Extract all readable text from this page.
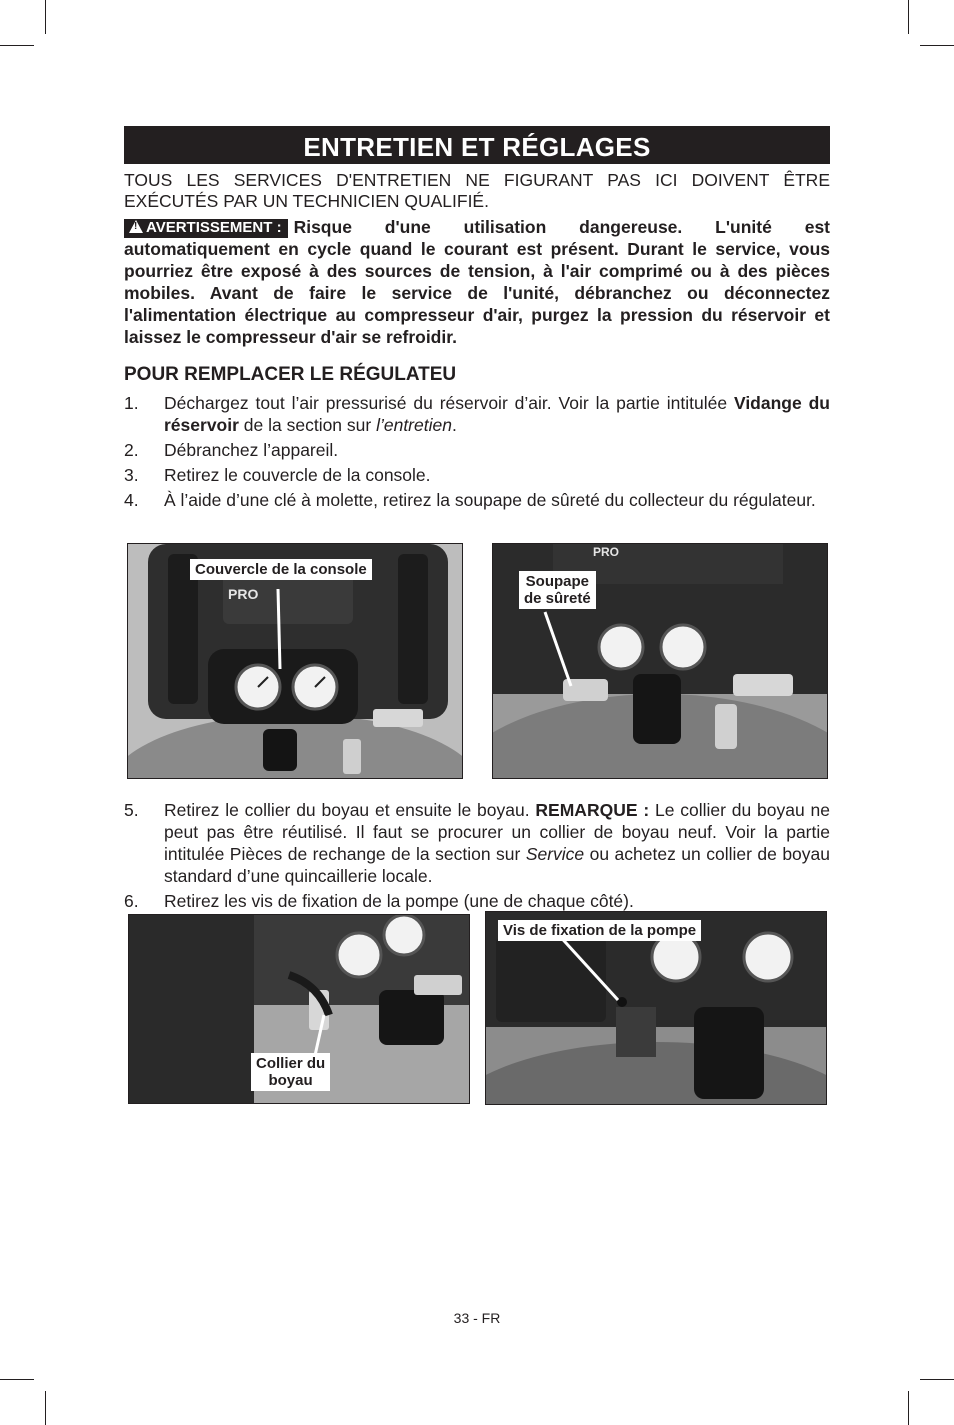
ENTRETIEN ET RÉGLAGES
TOUS LES SERVICES D'ENTRETIEN NE FIGURANT PAS ICI DOIVENT ÊTRE EXÉCUTÉS PAR UN TECHNICIEN QUALIFIÉ.
! AVERTISSEMENT : Risque d'une utilisation dangereuse. L'unité est automatiquement en cycle quand le courant est présent. Durant le service, vous pourriez être exposé à des sources de tension, à l'air comprimé ou à des pièces mobiles. Avant de faire le service de l'unité, débranchez ou déconnectez l'alimentation électrique au compresseur d'air, purgez la pression du réservoir et laissez le compresseur d'air se refroidir.
POUR REMPLACER LE RÉGULATEU
1. Déchargez tout l’air pressurisé du réservoir d’air. Voir la partie intitulée Vidange du réservoir de la section sur l’entretien.
2. Débranchez l’appareil.
3. Retirez le couvercle de la console.
4. À l’aide d’une clé à molette, retirez la soupape de sûreté du collecteur du régulateur.
PRO
Couvercle de la console
PRO
Soupape
de sûreté
5. Retirez le collier du boyau et ensuite le boyau. REMARQUE : Le collier du boyau ne peut pas être réutilisé. Il faut se procurer un collier de boyau neuf. Voir la partie intitulée Pièces de rechange de la section sur Service ou achetez un collier de boyau standard d’une quincaillerie locale.
6. Retirez les vis de fixation de la pompe (une de chaque côté).
Collier du
boyau
Vis de fixation de la pompe
33 - FR
